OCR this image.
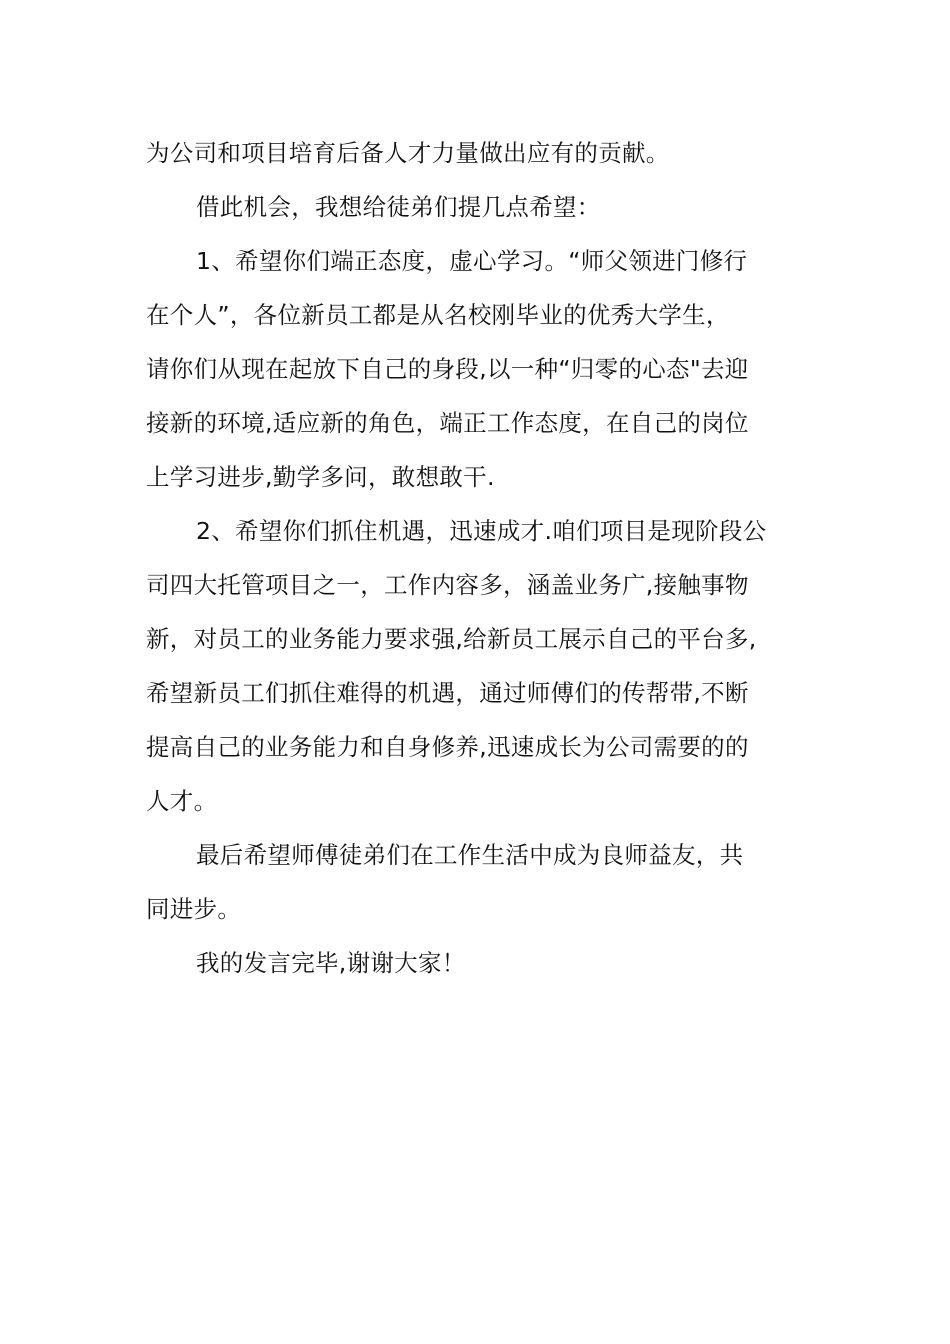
为公司和项目培育后备人才力量做出应有的贡献。
借此机会，我想给徒弟们提几点希望：
1、希望你们端正态度，虚心学习。“师父领进门修行
在个人”，各位新员工都是从名校刚毕业的优秀大学生，
请你们从现在起放下自己的身段,以一种“归零的心态"去迎
接新的环境,适应新的角色，端正工作态度，在自己的岗位
上学习进步,勤学多问，敢想敢干.
2、希望你们抓住机遇，迅速成才.咱们项目是现阶段公
司四大托管项目之一，工作内容多，涵盖业务广,接触事物
新，对员工的业务能力要求强,给新员工展示自己的平台多,
希望新员工们抓住难得的机遇，通过师傅们的传帮带,不断
提高自己的业务能力和自身修养,迅速成长为公司需要的的
人才。
最后希望师傅徒弟们在工作生活中成为良师益友，共
同进步。
我的发言完毕,谢谢大家！
